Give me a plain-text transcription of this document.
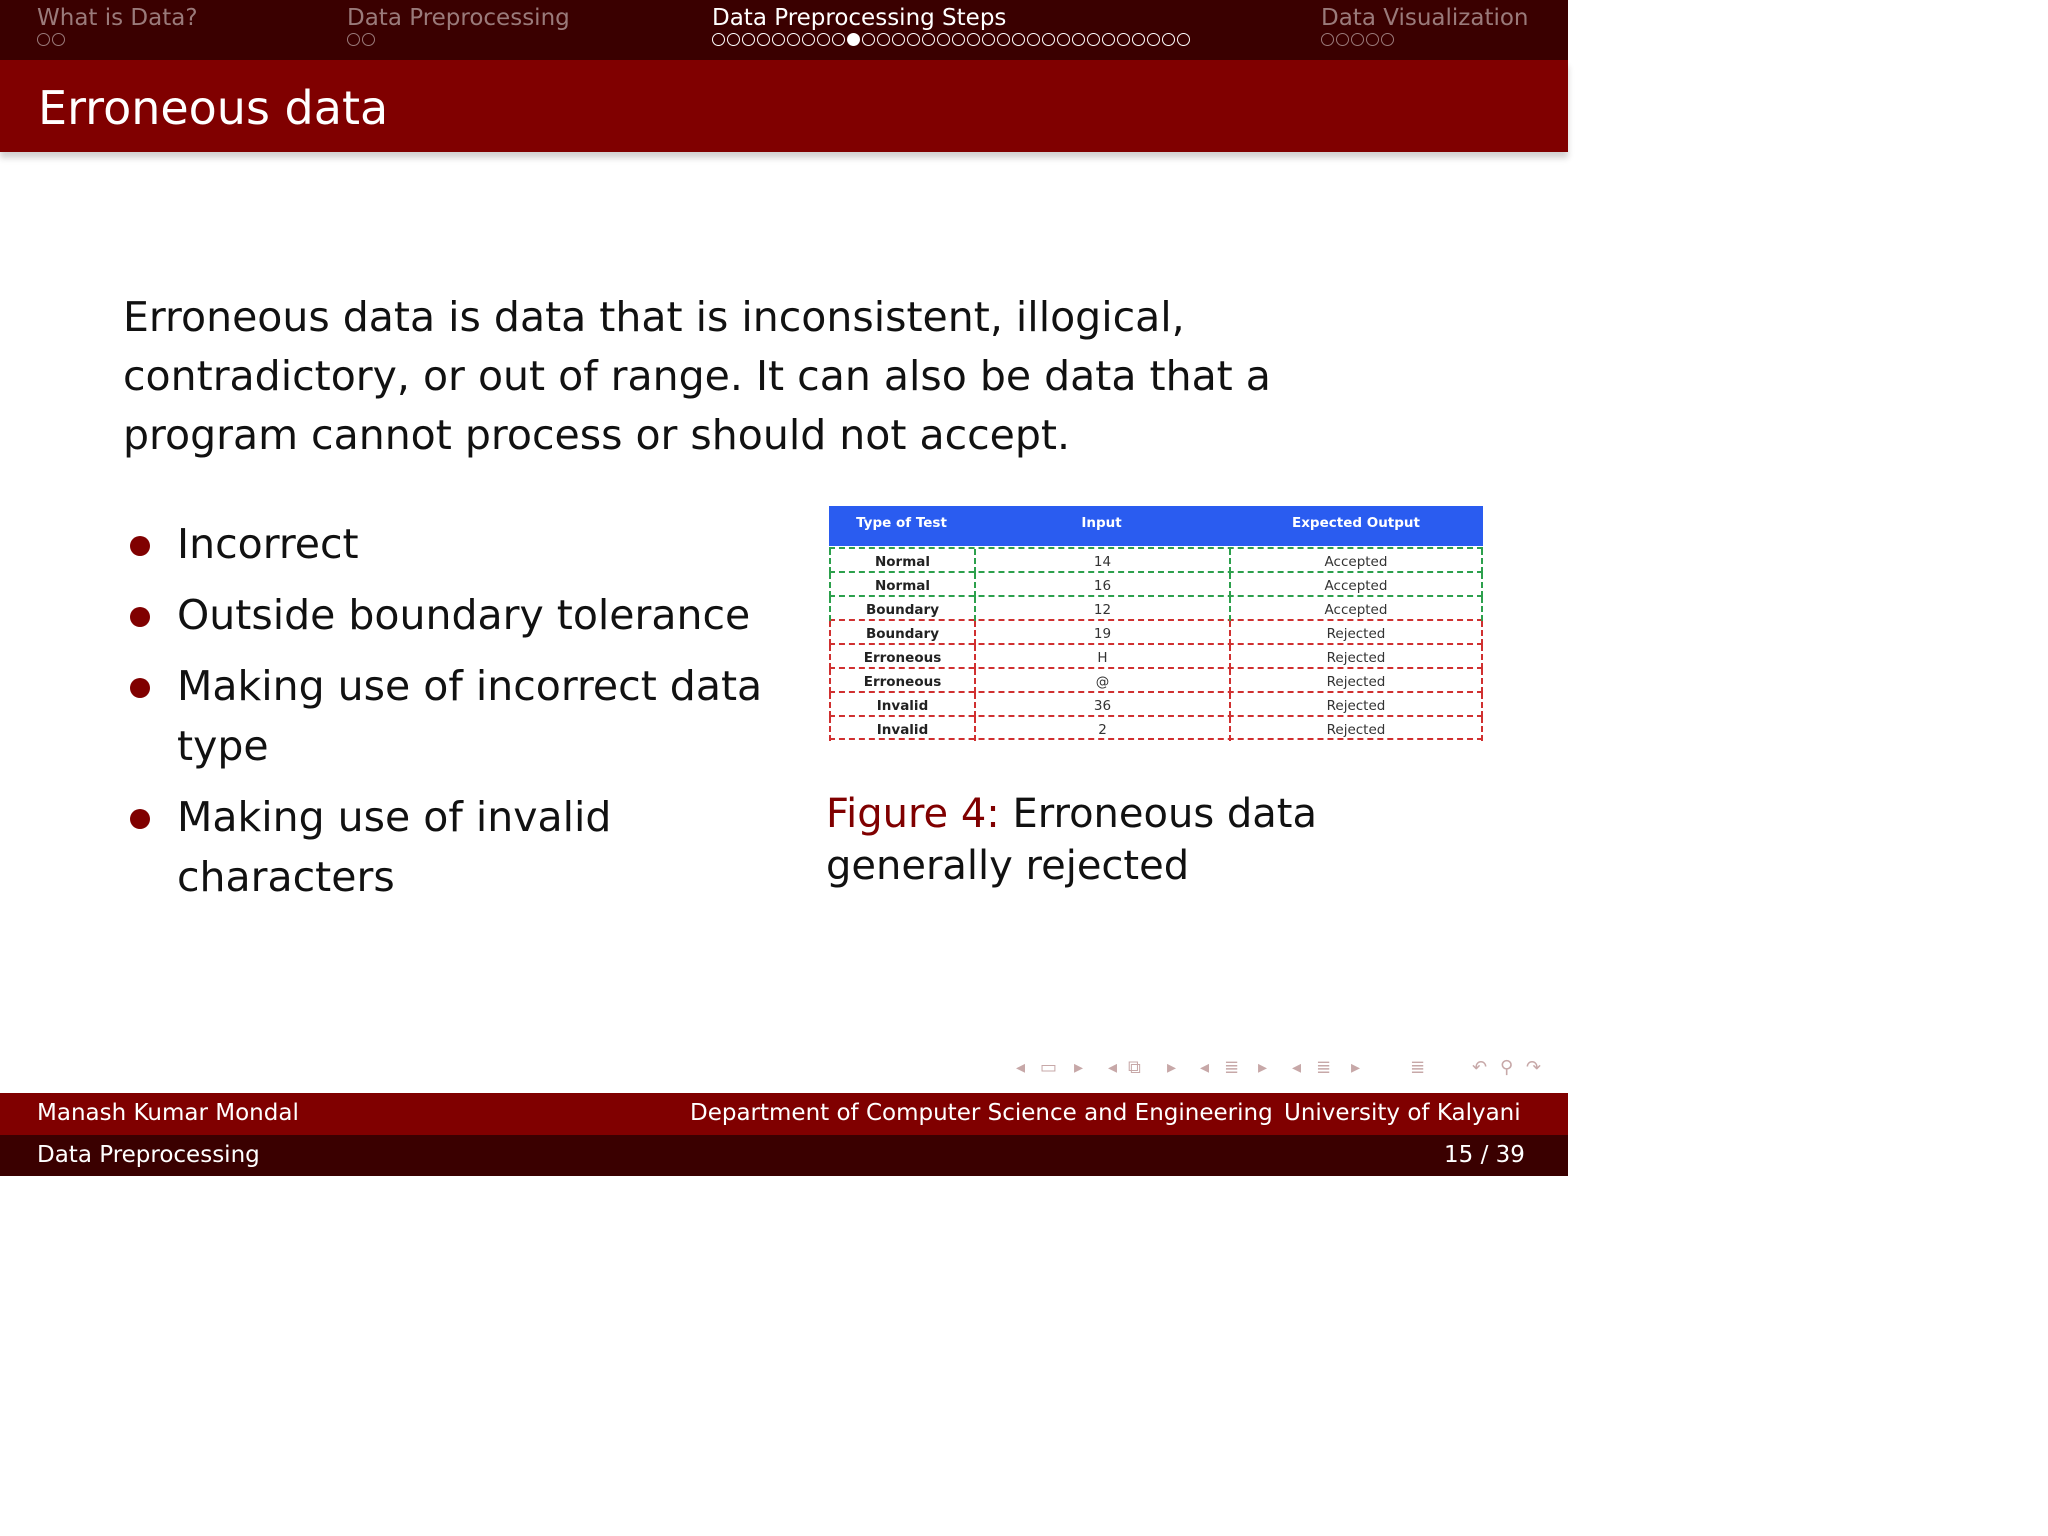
What is Data?	Data Preprocessing	Data Preprocessing Steps	Data Visualization
Erroneous data
Erroneous data is data that is inconsistent, illogical, contradictory, or out of range. It can also be data that a program cannot process or should not accept.
Incorrect
Outside boundary tolerance
Making use of incorrect data type
Making use of invalid characters
Type of Test	Input	Expected Output
Normal	14	Accepted
Normal	16	Accepted
Boundary	12	Accepted
Boundary	19	Rejected
Erroneous	H	Rejected
Erroneous	@	Rejected
Invalid	36	Rejected
Invalid	2	Rejected
Figure 4: Erroneous data generally rejected
◂ ▭ ▸ ◂ ⧉ ▸ ◂ ≣ ▸ ◂ ≣ ▸	≣	↶ ⚲ ↷
Manash Kumar Mondal	Department of Computer Science and Engineering University of Kalyani
Data Preprocessing	15 / 39
